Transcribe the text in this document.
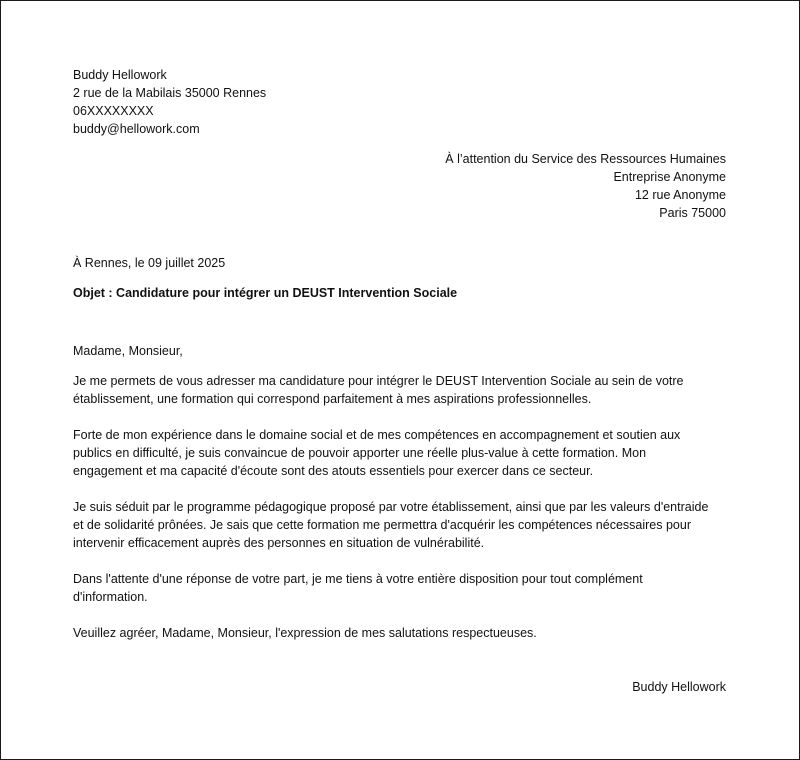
Buddy Hellowork
2 rue de la Mabilais 35000 Rennes
06XXXXXXXX
buddy@hellowork.com
À l’attention du Service des Ressources Humaines
Entreprise Anonyme
12 rue Anonyme
Paris 75000
À Rennes, le 09 juillet 2025
Objet : Candidature pour intégrer un DEUST Intervention Sociale
Madame, Monsieur,
Je me permets de vous adresser ma candidature pour intégrer le DEUST Intervention Sociale au sein de votre
établissement, une formation qui correspond parfaitement à mes aspirations professionnelles.
Forte de mon expérience dans le domaine social et de mes compétences en accompagnement et soutien aux
publics en difficulté, je suis convaincue de pouvoir apporter une réelle plus-value à cette formation. Mon
engagement et ma capacité d'écoute sont des atouts essentiels pour exercer dans ce secteur.
Je suis séduit par le programme pédagogique proposé par votre établissement, ainsi que par les valeurs d'entraide
et de solidarité prônées. Je sais que cette formation me permettra d'acquérir les compétences nécessaires pour
intervenir efficacement auprès des personnes en situation de vulnérabilité.
Dans l'attente d'une réponse de votre part, je me tiens à votre entière disposition pour tout complément
d'information.
Veuillez agréer, Madame, Monsieur, l'expression de mes salutations respectueuses.
Buddy Hellowork
